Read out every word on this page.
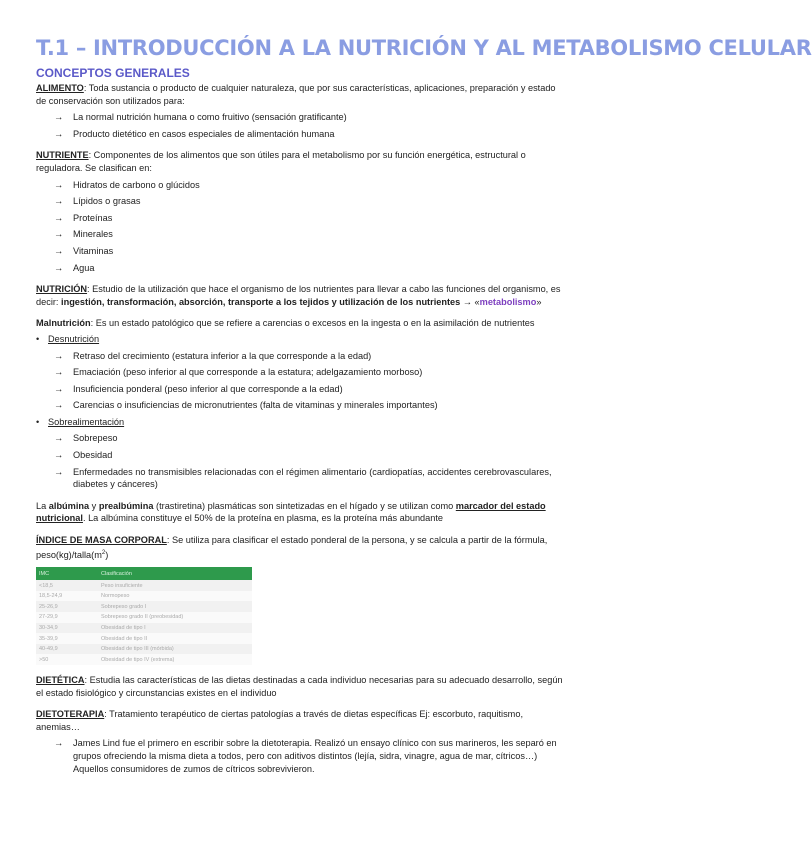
T.1 – INTRODUCCIÓN A LA NUTRICIÓN Y AL METABOLISMO CELULAR
CONCEPTOS GENERALES

ALIMENTO: Toda sustancia o producto de cualquier naturaleza, que por sus características, aplicaciones, preparación y estado de conservación son utilizados para:

→ La normal nutrición humana o como fruitivo (sensación gratificante)
→ Producto dietético en casos especiales de alimentación humana

NUTRIENTE: Componentes de los alimentos que son útiles para el metabolismo por su función energética, estructural o reguladora. Se clasifican en:

→ Hidratos de carbono o glúcidos
→ Lípidos o grasas
→ Proteínas
→ Minerales
→ Vitaminas
→ Agua

NUTRICIÓN: Estudio de la utilización que hace el organismo de los nutrientes para llevar a cabo las funciones del organismo, es decir: ingestión, transformación, absorción, transporte a los tejidos y utilización de los nutrientes → «metabolismo»

Malnutrición: Es un estado patológico que se refiere a carencias o excesos en la ingesta o en la asimilación de nutrientes

• Desnutrición
→ Retraso del crecimiento (estatura inferior a la que corresponde a la edad)
→ Emaciación (peso inferior al que corresponde a la estatura; adelgazamiento morboso)
→ Insuficiencia ponderal (peso inferior al que corresponde a la edad)
→ Carencias o insuficiencias de micronutrientes (falta de vitaminas y minerales importantes)
• Sobrealimentación
→ Sobrepeso
→ Obesidad
→ Enfermedades no transmisibles relacionadas con el régimen alimentario (cardiopatías, accidentes cerebrovasculares, diabetes y cánceres)

La albúmina y prealbúmina (trastiretina) plasmáticas son sintetizadas en el hígado y se utilizan como marcador del estado nutricional. La albúmina constituye el 50% de la proteína en plasma, es la proteína más abundante

ÍNDICE DE MASA CORPORAL: Se utiliza para clasificar el estado ponderal de la persona, y se calcula a partir de la fórmula, $peso(kg)/talla(m^2)$

IMC	Clasificación
<18,5	Peso insuficiente
18,5-24,9	Normopeso
25-26,9	Sobrepeso grado I
27-29,9	Sobrepeso grado II (preobesidad)
30-34,9	Obesidad de tipo I
35-39,9	Obesidad de tipo II
40-49,9	Obesidad de tipo III (mórbida)
>50	Obesidad de tipo IV (extrema)

DIETÉTICA: Estudia las características de las dietas destinadas a cada individuo necesarias para su adecuado desarrollo, según el estado fisiológico y circunstancias existes en el individuo

DIETOTERAPIA: Tratamiento terapéutico de ciertas patologías a través de dietas específicas Ej: escorbuto, raquitismo, anemias…

→ James Lind fue el primero en escribir sobre la dietoterapia. Realizó un ensayo clínico con sus marineros, les separó en grupos ofreciendo la misma dieta a todos, pero con aditivos distintos (lejía, sidra, vinagre, agua de mar, cítricos…) Aquellos consumidores de zumos de cítricos sobrevivieron.
